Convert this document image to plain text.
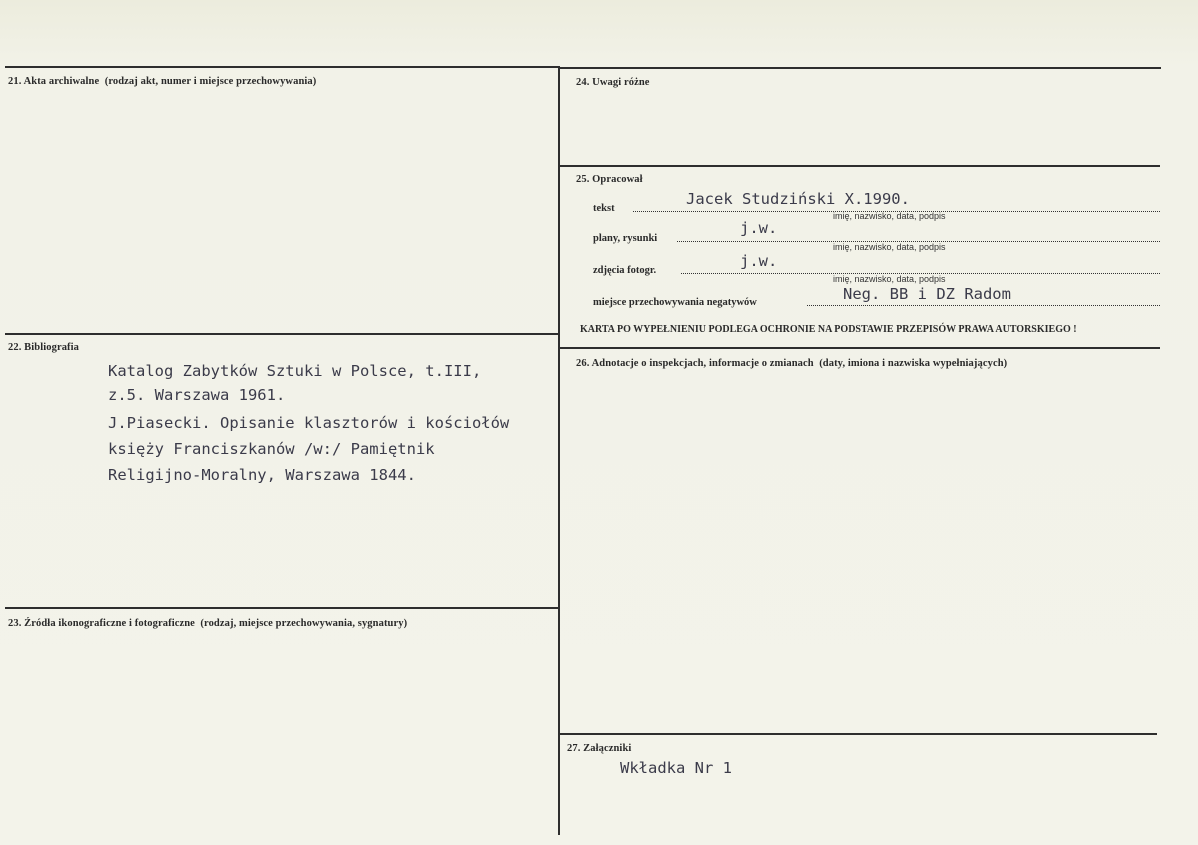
21. Akta archiwalne (rodzaj akt, numer i miejsce przechowywania)
22. Bibliografia
Katalog Zabytków Sztuki w Polsce, t.III,
z.5. Warszawa 1961.
J.Piasecki. Opisanie klasztorów i kościołów
księży Franciszkanów /w:/ Pamiętnik
Religijno-Moralny, Warszawa 1844.
23. Źródła ikonograficzne i fotograficzne (rodzaj, miejsce przechowywania, sygnatury)
24. Uwagi różne
25. Opracował
tekst
Jacek Studziński X.1990.
imię, nazwisko, data, podpis
plany, rysunki
j.w.
imię, nazwisko, data, podpis
zdjęcia fotogr.
j.w.
imię, nazwisko, data, podpis
miejsce przechowywania negatywów	Neg. BB i DZ Radom
KARTA PO WYPEŁNIENIU PODLEGA OCHRONIE NA PODSTAWIE PRZEPISÓW PRAWA AUTORSKIEGO !
26. Adnotacje o inspekcjach, informacje o zmianach (daty, imiona i nazwiska wypełniających)
27. Załączniki
Wkładka Nr 1
